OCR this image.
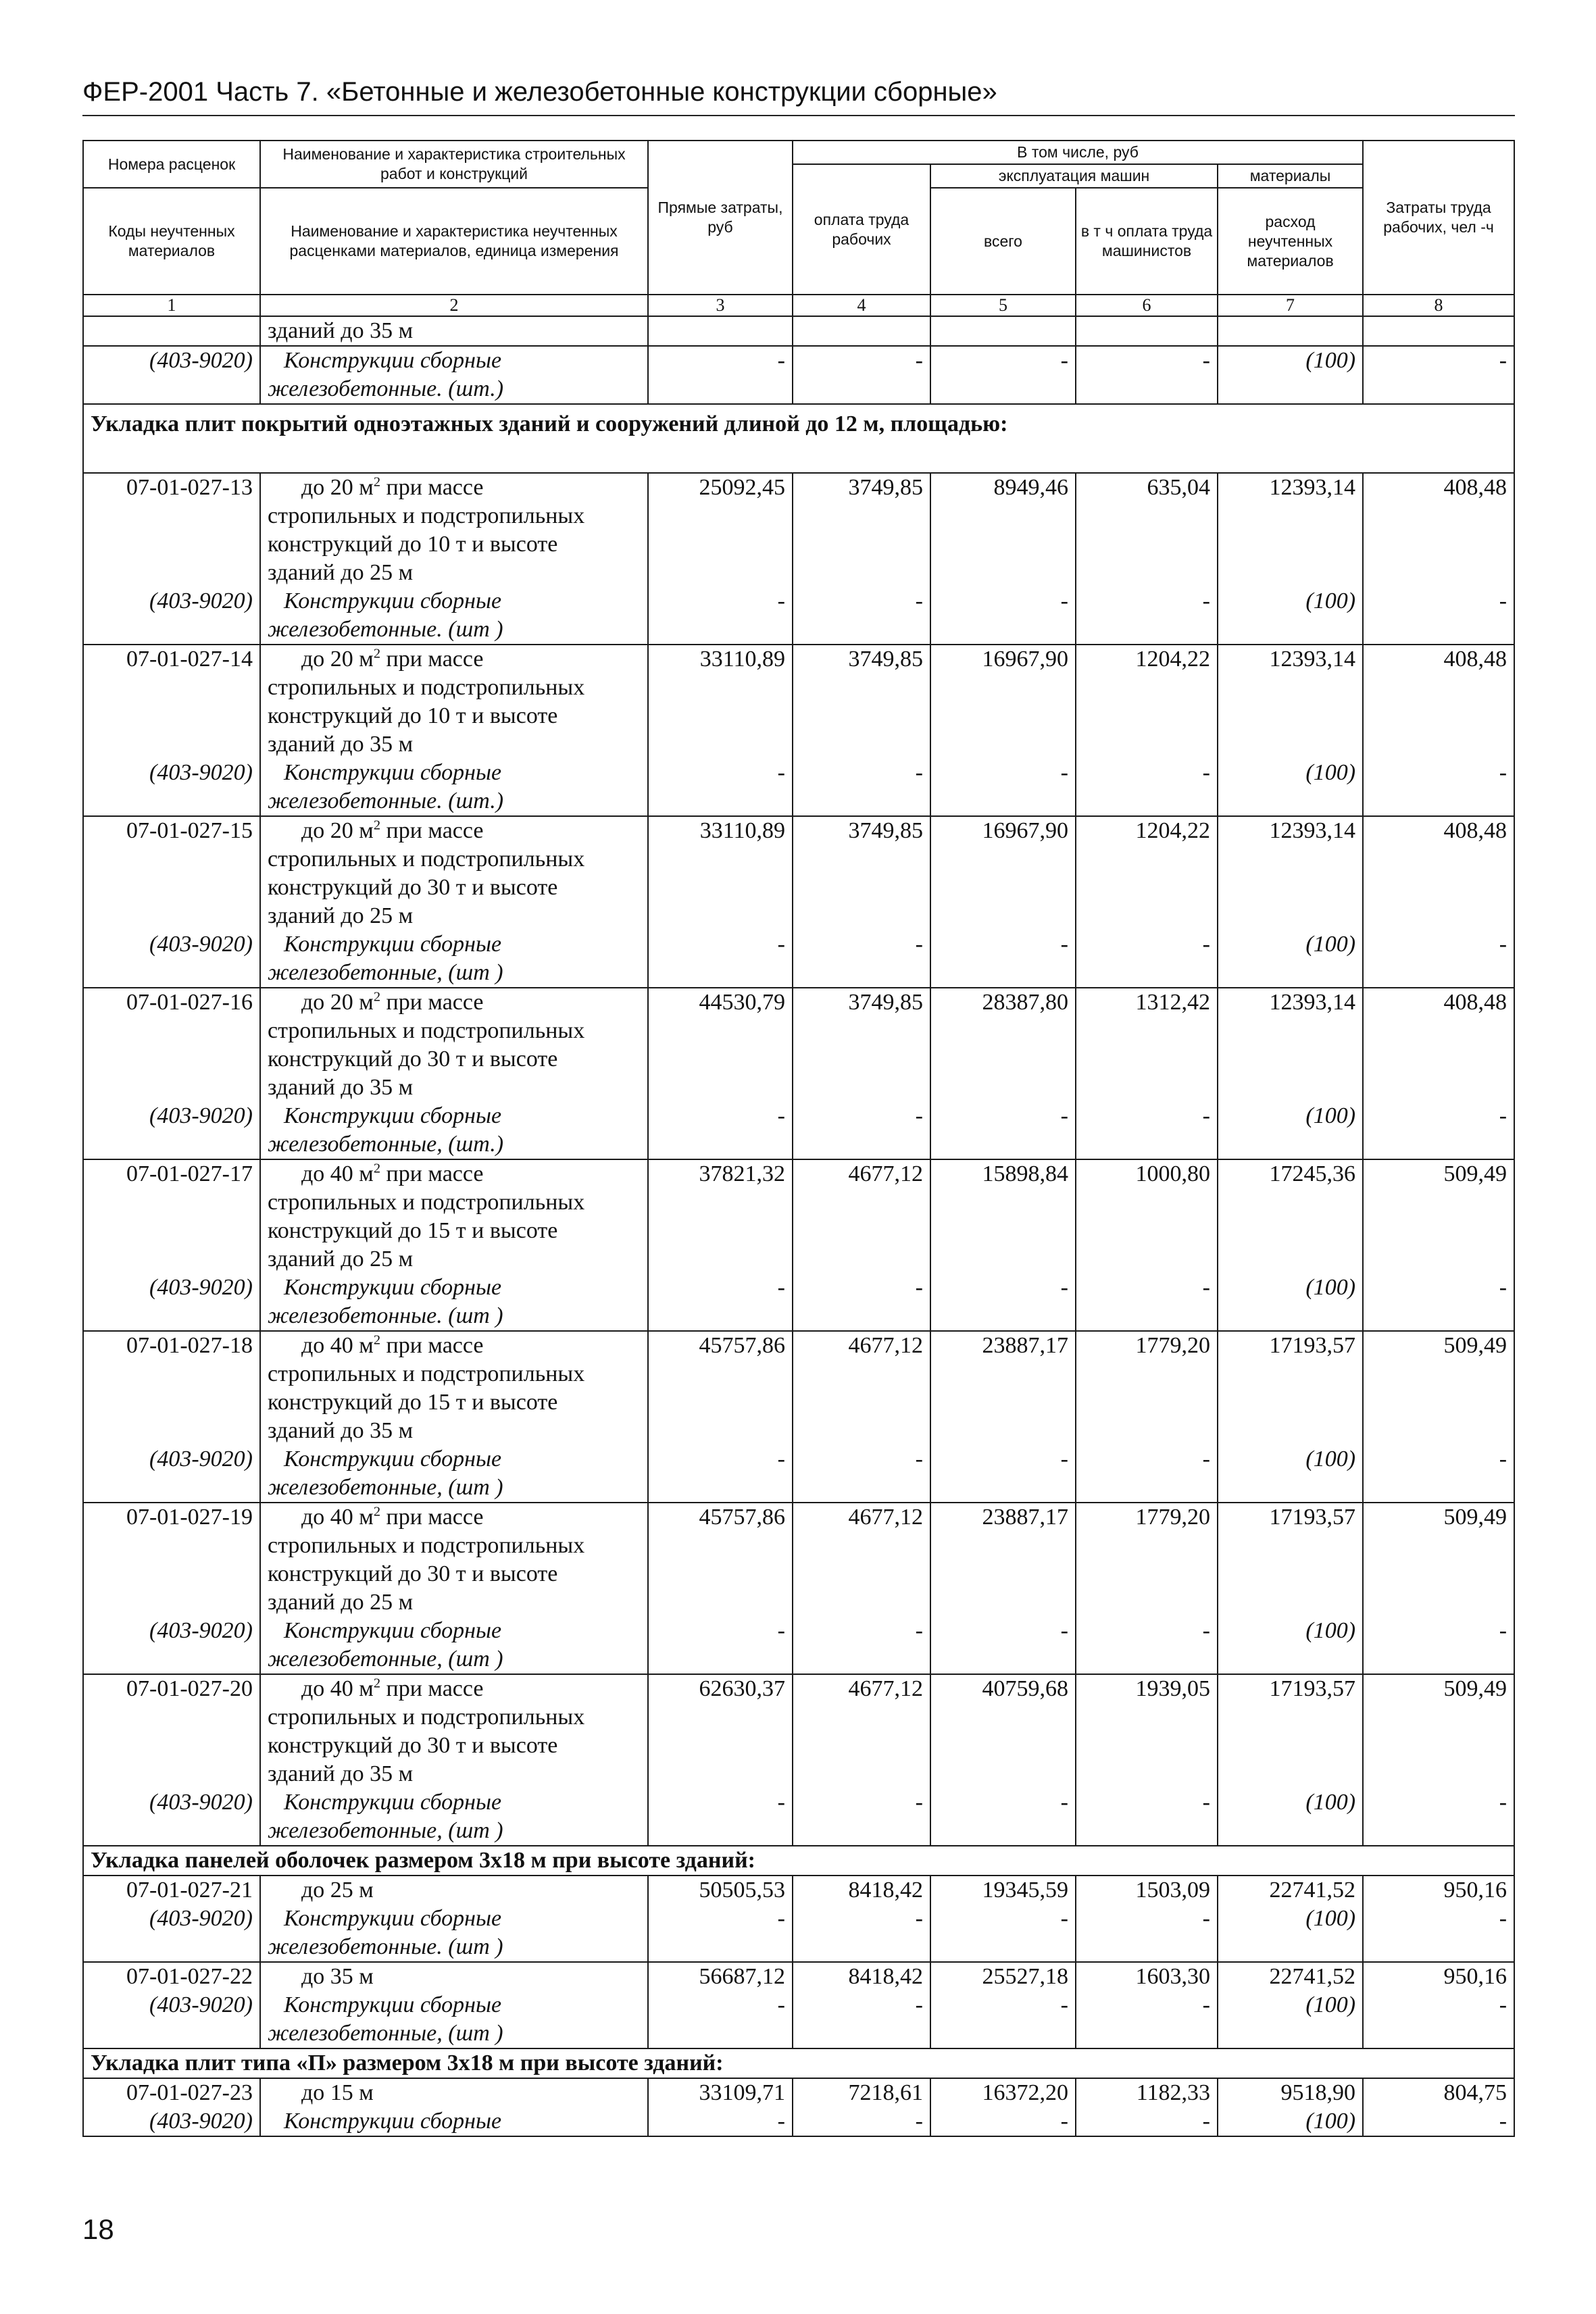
ФЕР-2001 Часть 7. «Бетонные и железобетонные конструкции сборные»
Номера расценок	Наименование и характеристика строительных работ и конструкций	Прямые затраты, руб	В том числе, руб				Затраты труда рабочих, чел -ч
			оплата труда рабочих	эксплуатация машин		материалы	
Коды неучтенных материалов	Наименование и характеристика неучтенных расценками материалов, единица измерения			всего	в т ч оплата труда машинистов	расход неучтенных материалов	

1	2	3	4	5	6	7	8
	зданий до 35 м						
(403-9020)	Конструкции сборные	-	-	-	-	(100)	-
	железобетонные. (шт.)						
Укладка плит покрытий одноэтажных зданий и сооружений длиной до 12 м, площадью:							
07-01-027-13	до 20 $м^2$ при массе	25092,45	3749,85	8949,46	635,04	12393,14	408,48
	стропильных и подстропильных						
	конструкций до 10 т и высоте						
	зданий до 25 м						
(403-9020)	Конструкции сборные	-	-	-	-	(100)	-
	железобетонные. (шт )						
07-01-027-14	до 20 $м^2$ при массе	33110,89	3749,85	16967,90	1204,22	12393,14	408,48
	стропильных и подстропильных						
	конструкций до 10 т и высоте						
	зданий до 35 м						
(403-9020)	Конструкции сборные	-	-	-	-	(100)	-
	железобетонные. (шт.)						
07-01-027-15	до 20 $м^2$ при массе	33110,89	3749,85	16967,90	1204,22	12393,14	408,48
	стропильных и подстропильных						
	конструкций до 30 т и высоте						
	зданий до 25 м						
(403-9020)	Конструкции сборные	-	-	-	-	(100)	-
	железобетонные, (шт )						
07-01-027-16	до 20 $м^2$ при массе	44530,79	3749,85	28387,80	1312,42	12393,14	408,48
	стропильных и подстропильных						
	конструкций до 30 т и высоте						
	зданий до 35 м						
(403-9020)	Конструкции сборные	-	-	-	-	(100)	-
	железобетонные, (шт.)						
07-01-027-17	до 40 $м^2$ при массе	37821,32	4677,12	15898,84	1000,80	17245,36	509,49
	стропильных и подстропильных						
	конструкций до 15 т и высоте						
	зданий до 25 м						
(403-9020)	Конструкции сборные	-	-	-	-	(100)	-
	железобетонные. (шт )						
07-01-027-18	до 40 $м^2$ при массе	45757,86	4677,12	23887,17	1779,20	17193,57	509,49
	стропильных и подстропильных						
	конструкций до 15 т и высоте						
	зданий до 35 м						
(403-9020)	Конструкции сборные	-	-	-	-	(100)	-
	железобетонные, (шт )						
07-01-027-19	до 40 $м^2$ при массе	45757,86	4677,12	23887,17	1779,20	17193,57	509,49
	стропильных и подстропильных						
	конструкций до 30 т и высоте						
	зданий до 25 м						
(403-9020)	Конструкции сборные	-	-	-	-	(100)	-
	железобетонные, (шт )						
07-01-027-20	до 40 $м^2$ при массе	62630,37	4677,12	40759,68	1939,05	17193,57	509,49
	стропильных и подстропильных						
	конструкций до 30 т и высоте						
	зданий до 35 м						
(403-9020)	Конструкции сборные	-	-	-	-	(100)	-
	железобетонные, (шт )						
Укладка панелей оболочек размером 3х18 м при высоте зданий:							
07-01-027-21	до 25 м	50505,53	8418,42	19345,59	1503,09	22741,52	950,16
(403-9020)	Конструкции сборные	-	-	-	-	(100)	-
	железобетонные. (шт )						
07-01-027-22	до 35 м	56687,12	8418,42	25527,18	1603,30	22741,52	950,16
(403-9020)	Конструкции сборные	-	-	-	-	(100)	-
	железобетонные, (шт )						
Укладка плит типа «П» размером 3х18 м при высоте зданий:							
07-01-027-23	до 15 м	33109,71	7218,61	16372,20	1182,33	9518,90	804,75
(403-9020)	Конструкции сборные	-	-	-	-	(100)	-
18
